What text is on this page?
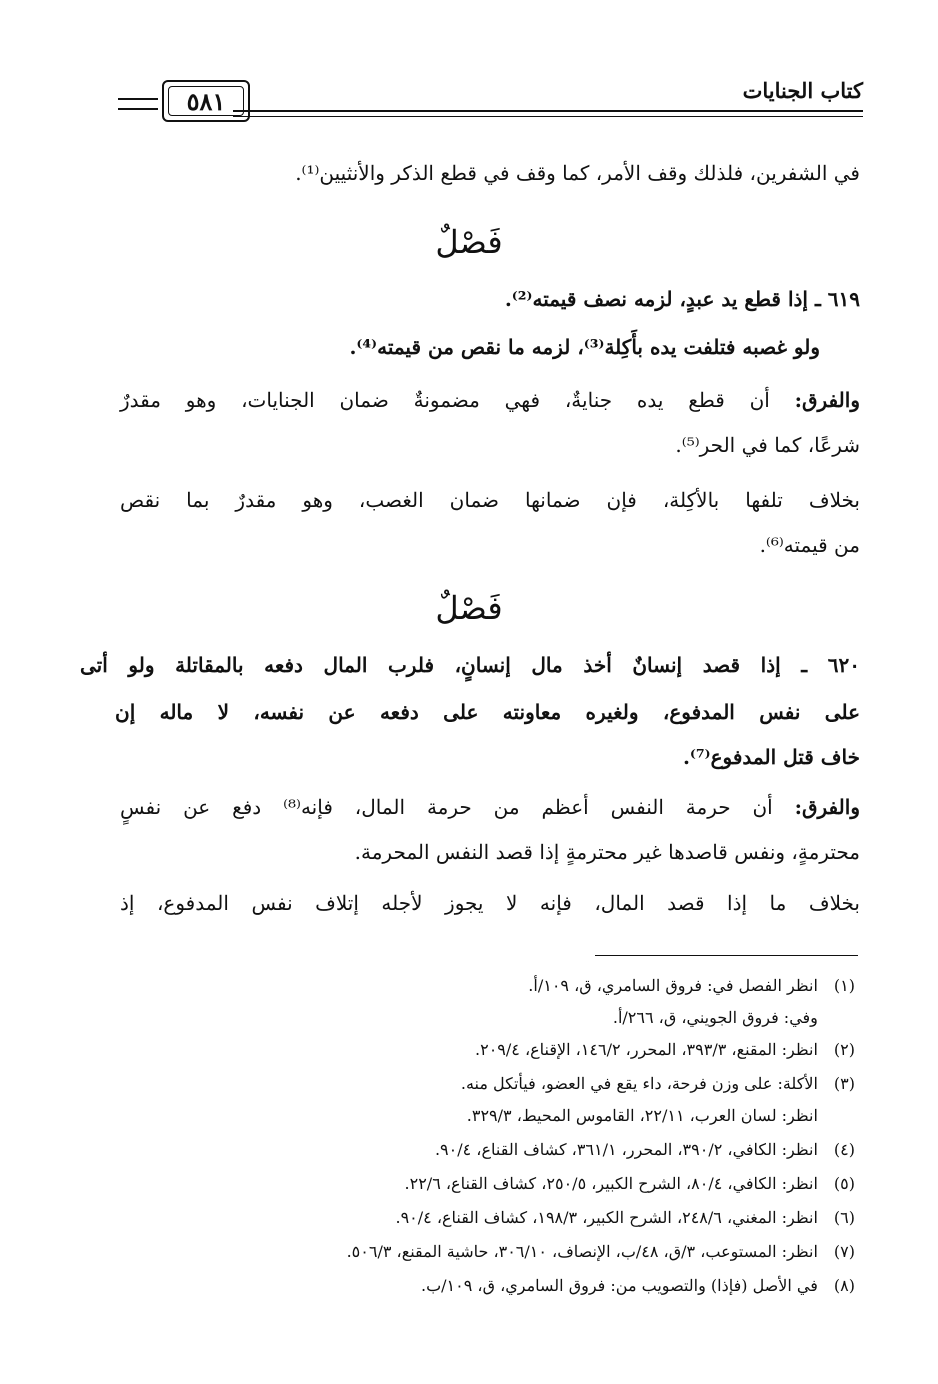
٥٨١	كتاب الجنايات
في الشفرين، فلذلك وقف الأمر، كما وقف في قطع الذكر والأنثيين⁽¹⁾.
فَصْلٌ
٦١٩ ـ إذا قطع يد عبدٍ، لزمه نصف قيمته⁽²⁾.
ولو غصبه فتلفت يده بأَكِلة⁽³⁾، لزمه ما نقص من قيمته⁽⁴⁾.
والفرق: أن قطع يده جنايةٌ، فهي مضمونةٌ ضمان الجنايات، وهو مقدرٌ
شرعًا، كما في الحر⁽⁵⁾.
بخلاف تلفها بالأكِلة، فإن ضمانها ضمان الغصب، وهو مقدرٌ بما نقص
من قيمته⁽⁶⁾.
فَصْلٌ
٦٢٠ ـ إذا قصد إنسانٌ أخذ مال إنسانٍ، فلرب المال دفعه بالمقاتلة ولو أتى
على نفس المدفوع، ولغيره معاونته على دفعه عن نفسه، لا ماله إن
خاف قتل المدفوع⁽⁷⁾.
والفرق: أن حرمة النفس أعظم من حرمة المال، فإنه⁽⁸⁾ دفع عن نفسٍ
محترمةٍ، ونفس قاصدها غير محترمةٍ إذا قصد النفس المحرمة.
بخلاف ما إذا قصد المال، فإنه لا يجوز لأجله إتلاف نفس المدفوع، إذ
(١) انظر الفصل في: فروق السامري، ق، ١٠٩/أ.
وفي: فروق الجويني، ق، ٢٦٦/أ.
(٢) انظر: المقنع، ٣٩٣/٣، المحرر، ١٤٦/٢، الإقناع، ٢٠٩/٤.
(٣) الأكلة: على وزن فرحة، داء يقع في العضو، فيأتكل منه.
انظر: لسان العرب، ٢٢/١١، القاموس المحيط، ٣٢٩/٣.
(٤) انظر: الكافي، ٣٩٠/٢، المحرر، ٣٦١/١، كشاف القناع، ٩٠/٤.
(٥) انظر: الكافي، ٨٠/٤، الشرح الكبير، ٢٥٠/٥، كشاف القناع، ٢٢/٦.
(٦) انظر: المغني، ٢٤٨/٦، الشرح الكبير، ١٩٨/٣، كشاف القناع، ٩٠/٤.
(٧) انظر: المستوعب، ٣/ق، ٤٨/ب، الإنصاف، ٣٠٦/١٠، حاشية المقنع، ٥٠٦/٣.
(٨) في الأصل (فإذا) والتصويب من: فروق السامري، ق، ١٠٩/ب.
